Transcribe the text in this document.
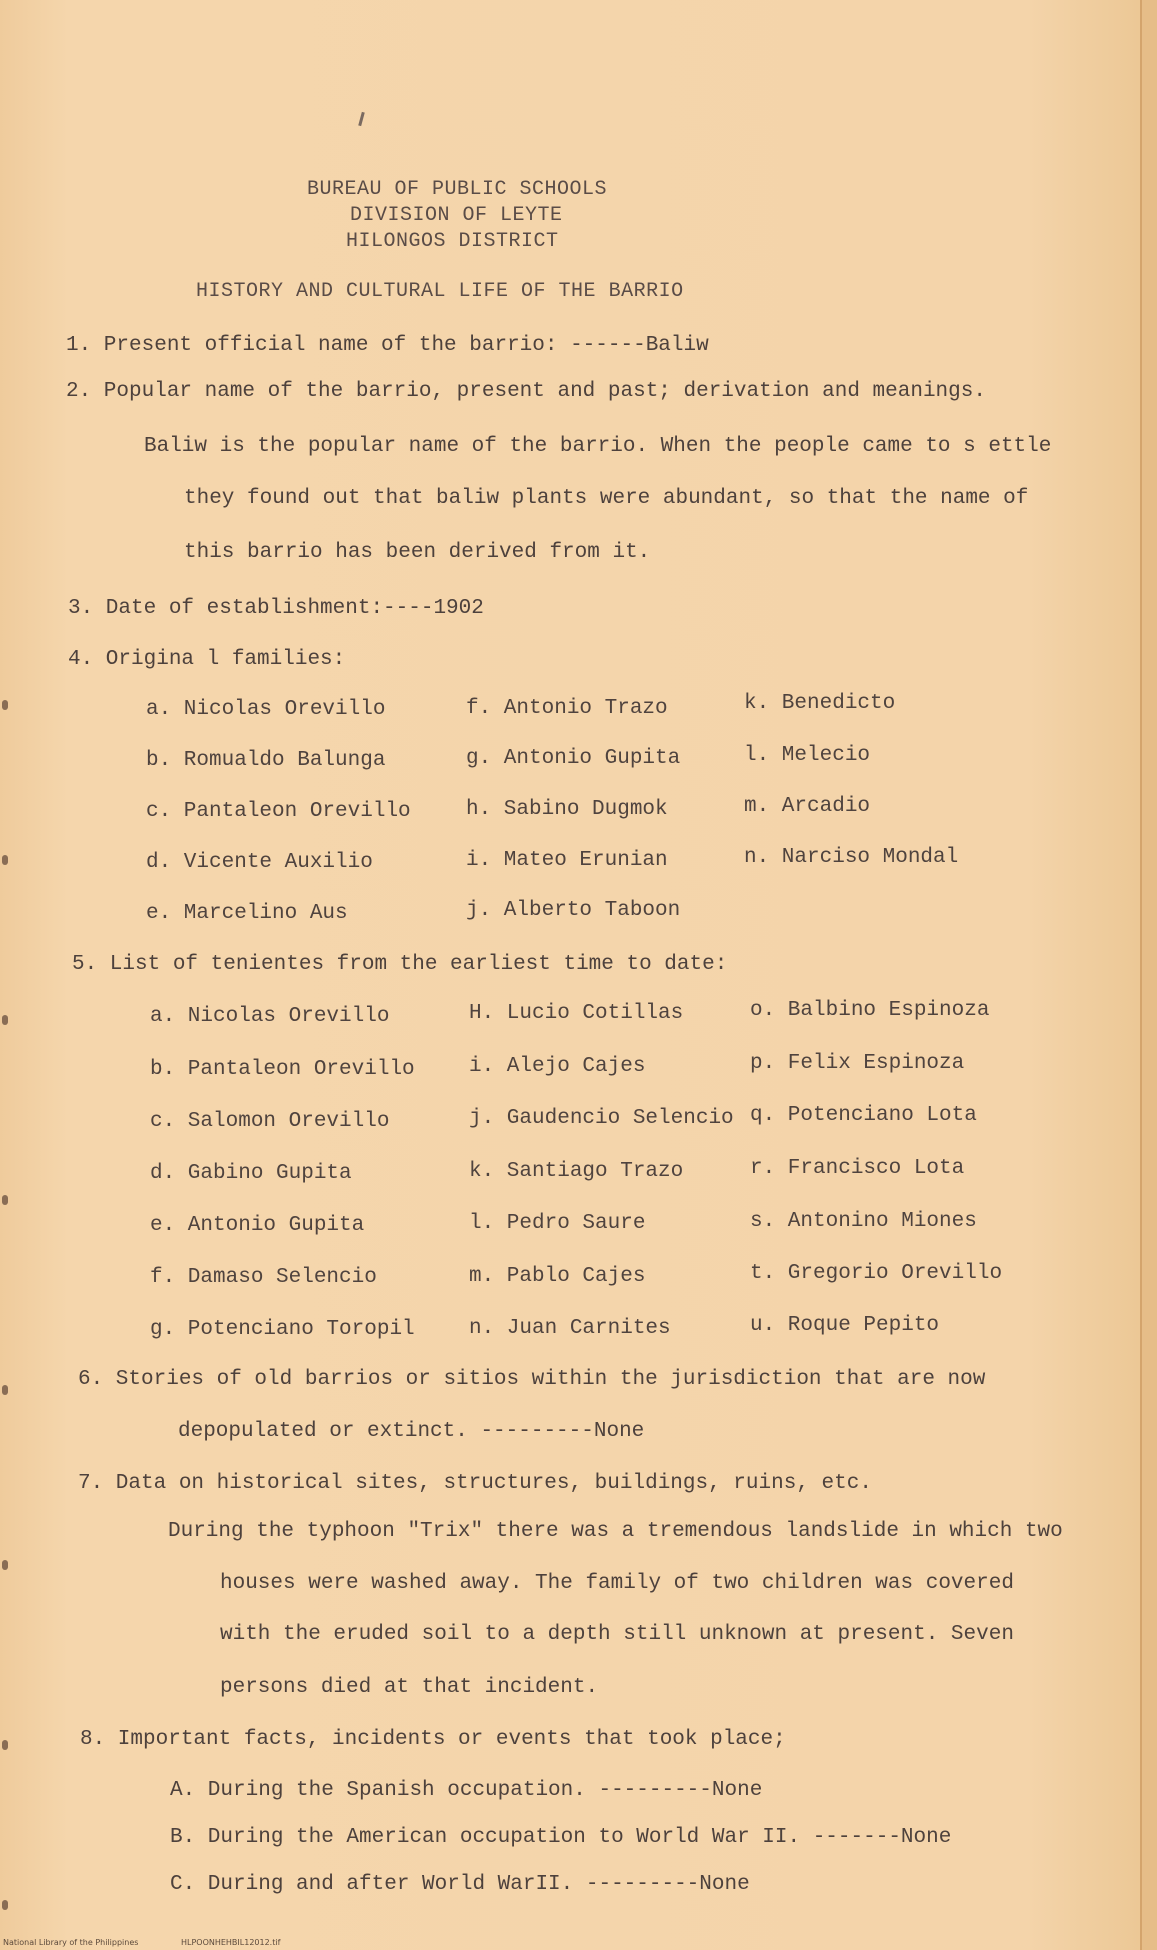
BUREAU OF PUBLIC SCHOOLS
DIVISION OF LEYTE
HILONGOS DISTRICT
HISTORY AND CULTURAL LIFE OF THE BARRIO
1. Present official name of the barrio: ------Baliw
2. Popular name of the barrio, present and past; derivation and meanings.
Baliw is the popular name of the barrio. When the people came to s ettle
they found out that baliw plants were abundant, so that the name of
this barrio has been derived from it.
3. Date of establishment:----1902
4. Origina l families:
a. Nicolas Orevillo
b. Romualdo Balunga
c. Pantaleon Orevillo
d. Vicente Auxilio
e. Marcelino Aus
f. Antonio Trazo
g. Antonio Gupita
h. Sabino Dugmok
i. Mateo Erunian
j. Alberto Taboon
k. Benedicto
l. Melecio
m. Arcadio
n. Narciso Mondal
5. List of tenientes from the earliest time to date:
a. Nicolas Orevillo
b. Pantaleon Orevillo
c. Salomon Orevillo
d. Gabino Gupita
e. Antonio Gupita
f. Damaso Selencio
g. Potenciano Toropil
H. Lucio Cotillas
i. Alejo Cajes
j. Gaudencio Selencio
k. Santiago Trazo
l. Pedro Saure
m. Pablo Cajes
n. Juan Carnites
o. Balbino Espinoza
p. Felix Espinoza
q. Potenciano Lota
r. Francisco Lota
s. Antonino Miones
t. Gregorio Orevillo
u. Roque Pepito
6. Stories of old barrios or sitios within the jurisdiction that are now
depopulated or extinct. ---------None
7. Data on historical sites, structures, buildings, ruins, etc.
During the typhoon "Trix" there was a tremendous landslide in which two
houses were washed away. The family of two children was covered
with the eruded soil to a depth still unknown at present. Seven
persons died at that incident.
8. Important facts, incidents or events that took place;
A. During the Spanish occupation. ---------None
B. During the American occupation to World War II. -------None
C. During and after World WarII. ---------None
National Library of the Philippines	HLPOONHEHBIL12012.tif
